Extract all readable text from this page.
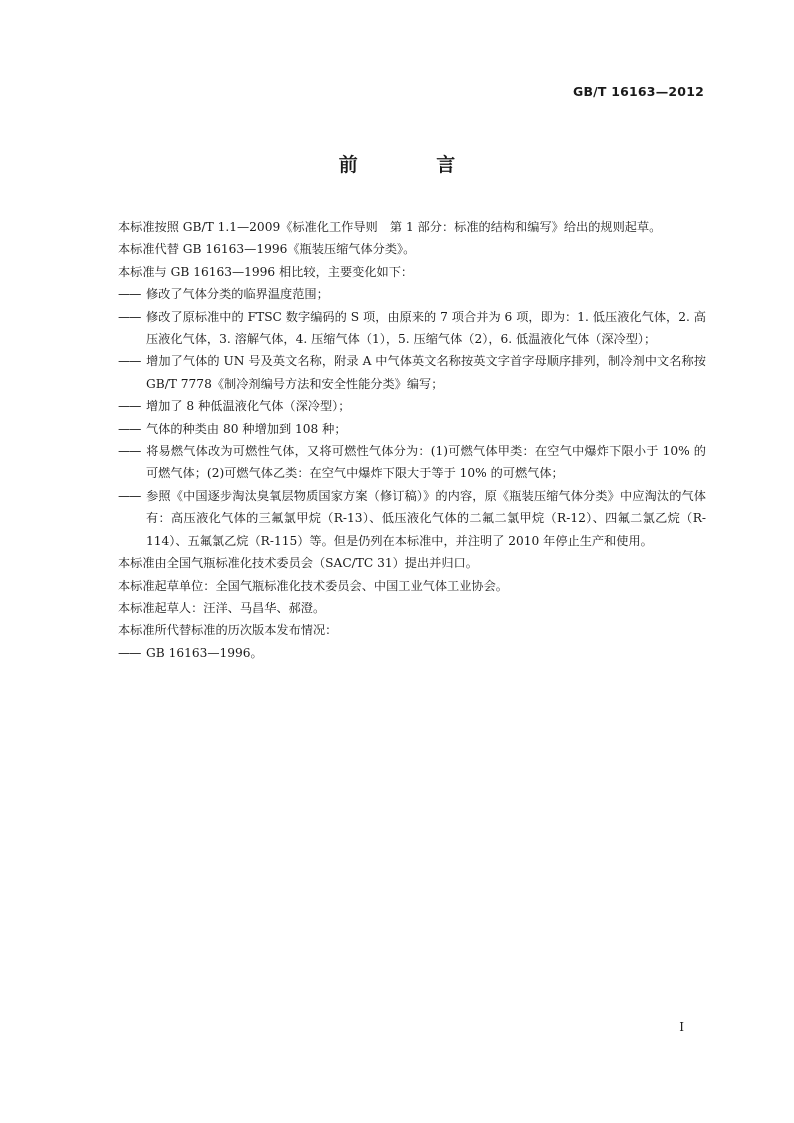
GB/T 16163—2012
前 言

本标准按照 GB/T 1.1—2009《标准化工作导则　第 1 部分：标准的结构和编写》给出的规则起草。

本标准代替 GB 16163—1996《瓶装压缩气体分类》。

本标准与 GB 16163—1996 相比较，主要变化如下：

—— 修改了气体分类的临界温度范围；

—— 修改了原标准中的 FTSC 数字编码的 S 项，由原来的 7 项合并为 6 项，即为：1. 低压液化气体，2. 高压液化气体，3. 溶解气体，4. 压缩气体（1），5. 压缩气体（2），6. 低温液化气体（深冷型）；

—— 增加了气体的 UN 号及英文名称，附录 A 中气体英文名称按英文字首字母顺序排列，制冷剂中文名称按 GB/T 7778《制冷剂编号方法和安全性能分类》编写；

—— 增加了 8 种低温液化气体（深冷型）；

—— 气体的种类由 80 种增加到 108 种；

—— 将易燃气体改为可燃性气体，又将可燃性气体分为：(1)可燃气体甲类：在空气中爆炸下限小于 10% 的可燃气体；(2)可燃气体乙类：在空气中爆炸下限大于等于 10% 的可燃气体；

—— 参照《中国逐步淘汰臭氧层物质国家方案（修订稿）》的内容，原《瓶装压缩气体分类》中应淘汰的气体有：高压液化气体的三氟氯甲烷（R-13）、低压液化气体的二氟二氯甲烷（R-12）、四氟二氯乙烷（R-114）、五氟氯乙烷（R-115）等。但是仍列在本标准中，并注明了 2010 年停止生产和使用。

本标准由全国气瓶标准化技术委员会（SAC/TC 31）提出并归口。

本标准起草单位：全国气瓶标准化技术委员会、中国工业气体工业协会。

本标准起草人：汪洋、马昌华、郝澄。

本标准所代替标准的历次版本发布情况：

—— GB 16163—1996。

I
